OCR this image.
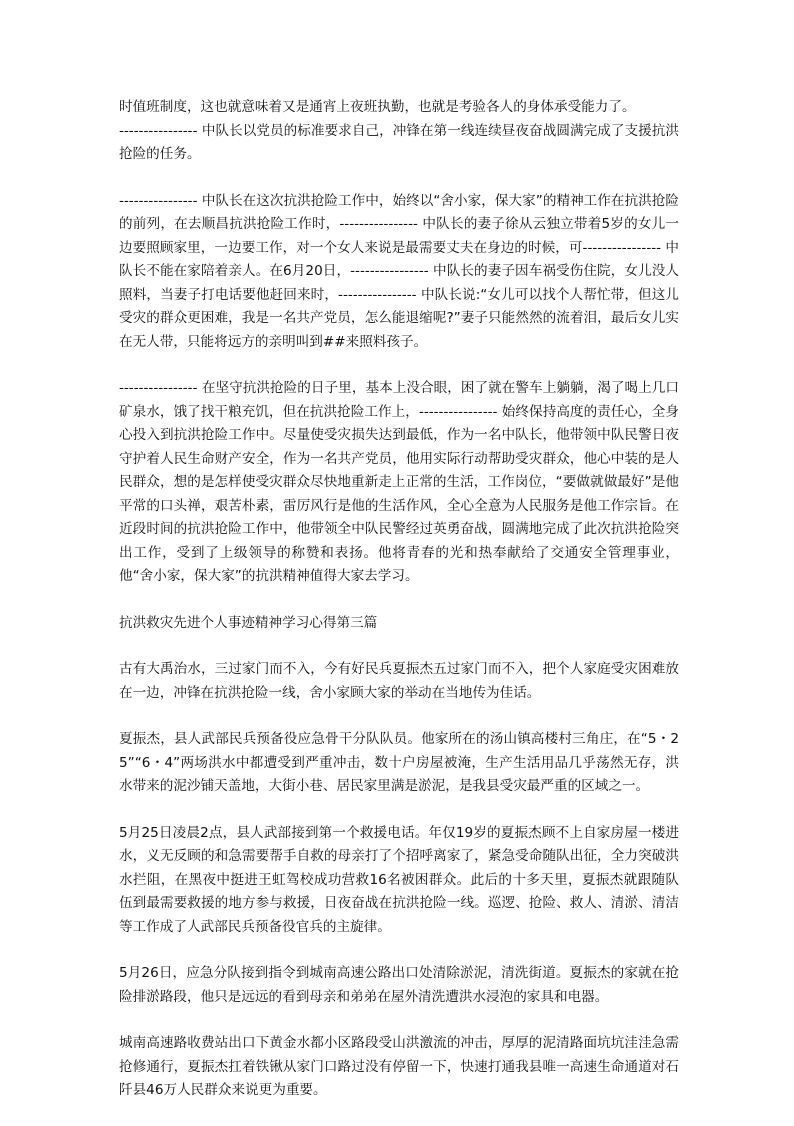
时值班制度，这也就意味着又是通宵上夜班执勤，也就是考验各人的身体承受能力了。
---------------- 中队长以党员的标准要求自己，冲锋在第一线连续昼夜奋战圆满完成了支援抗洪抢险的任务。

---------------- 中队长在这次抗洪抢险工作中，始终以“舍小家，保大家”的精神工作在抗洪抢险的前列，在去顺昌抗洪抢险工作时，---------------- 中队长的妻子徐从云独立带着5岁的女儿一边要照顾家里，一边要工作，对一个女人来说是最需要丈夫在身边的时候，可---------------- 中队长不能在家陪着亲人。在6月20日，---------------- 中队长的妻子因车祸受伤住院，女儿没人照料，当妻子打电话要他赶回来时，---------------- 中队长说:“女儿可以找个人帮忙带，但这儿受灾的群众更困难，我是一名共产党员，怎么能退缩呢?”妻子只能然然的流着泪，最后女儿实在无人带，只能将远方的亲明叫到##来照料孩子。

---------------- 在坚守抗洪抢险的日子里，基本上没合眼，困了就在警车上躺躺，渴了喝上几口矿泉水，饿了找干粮充饥，但在抗洪抢险工作上，---------------- 始终保持高度的责任心，全身心投入到抗洪抢险工作中。尽量使受灾损失达到最低，作为一名中队长，他带领中队民警日夜守护着人民生命财产安全，作为一名共产党员，他用实际行动帮助受灾群众，他心中装的是人民群众，想的是怎样使受灾群众尽快地重新走上正常的生活，工作岗位，“要做就做最好”是他平常的口头禅，艰苦朴素，雷厉风行是他的生活作风，全心全意为人民服务是他工作宗旨。在近段时间的抗洪抢险工作中，他带领全中队民警经过英勇奋战，圆满地完成了此次抗洪抢险突出工作，受到了上级领导的称赞和表扬。他将青春的光和热奉献给了交通安全管理事业，他“舍小家，保大家”的抗洪精神值得大家去学习。

抗洪救灾先进个人事迹精神学习心得第三篇

古有大禹治水，三过家门而不入，今有好民兵夏振杰五过家门而不入，把个人家庭受灾困难放在一边，冲锋在抗洪抢险一线，舍小家顾大家的举动在当地传为佳话。

夏振杰，县人武部民兵预备役应急骨干分队队员。他家所在的汤山镇高楼村三角庄，在“5・25”“6・4”两场洪水中都遭受到严重冲击，数十户房屋被淹，生产生活用品几乎荡然无存，洪水带来的泥沙铺天盖地，大街小巷、居民家里满是淤泥，是我县受灾最严重的区域之一。

5月25日凌晨2点，县人武部接到第一个救援电话。年仅19岁的夏振杰顾不上自家房屋一楼进水，义无反顾的和急需要帮手自救的母亲打了个招呼离家了，紧急受命随队出征，全力突破洪水拦阻，在黑夜中挺进王虹驾校成功营救16名被困群众。此后的十多天里，夏振杰就跟随队伍到最需要救援的地方参与救援，日夜奋战在抗洪抢险一线。巡逻、抢险、救人、清淤、清洁等工作成了人武部民兵预备役官兵的主旋律。

5月26日，应急分队接到指令到城南高速公路出口处清除淤泥，清洗街道。夏振杰的家就在抢险排淤路段，他只是远远的看到母亲和弟弟在屋外清洗遭洪水浸泡的家具和电器。

城南高速路收费站出口下黄金水都小区路段受山洪激流的冲击，厚厚的泥清路面坑坑洼洼急需抢修通行，夏振杰扛着铁锹从家门口路过没有停留一下，快速打通我县唯一高速生命通道对石阡县46万人民群众来说更为重要。
